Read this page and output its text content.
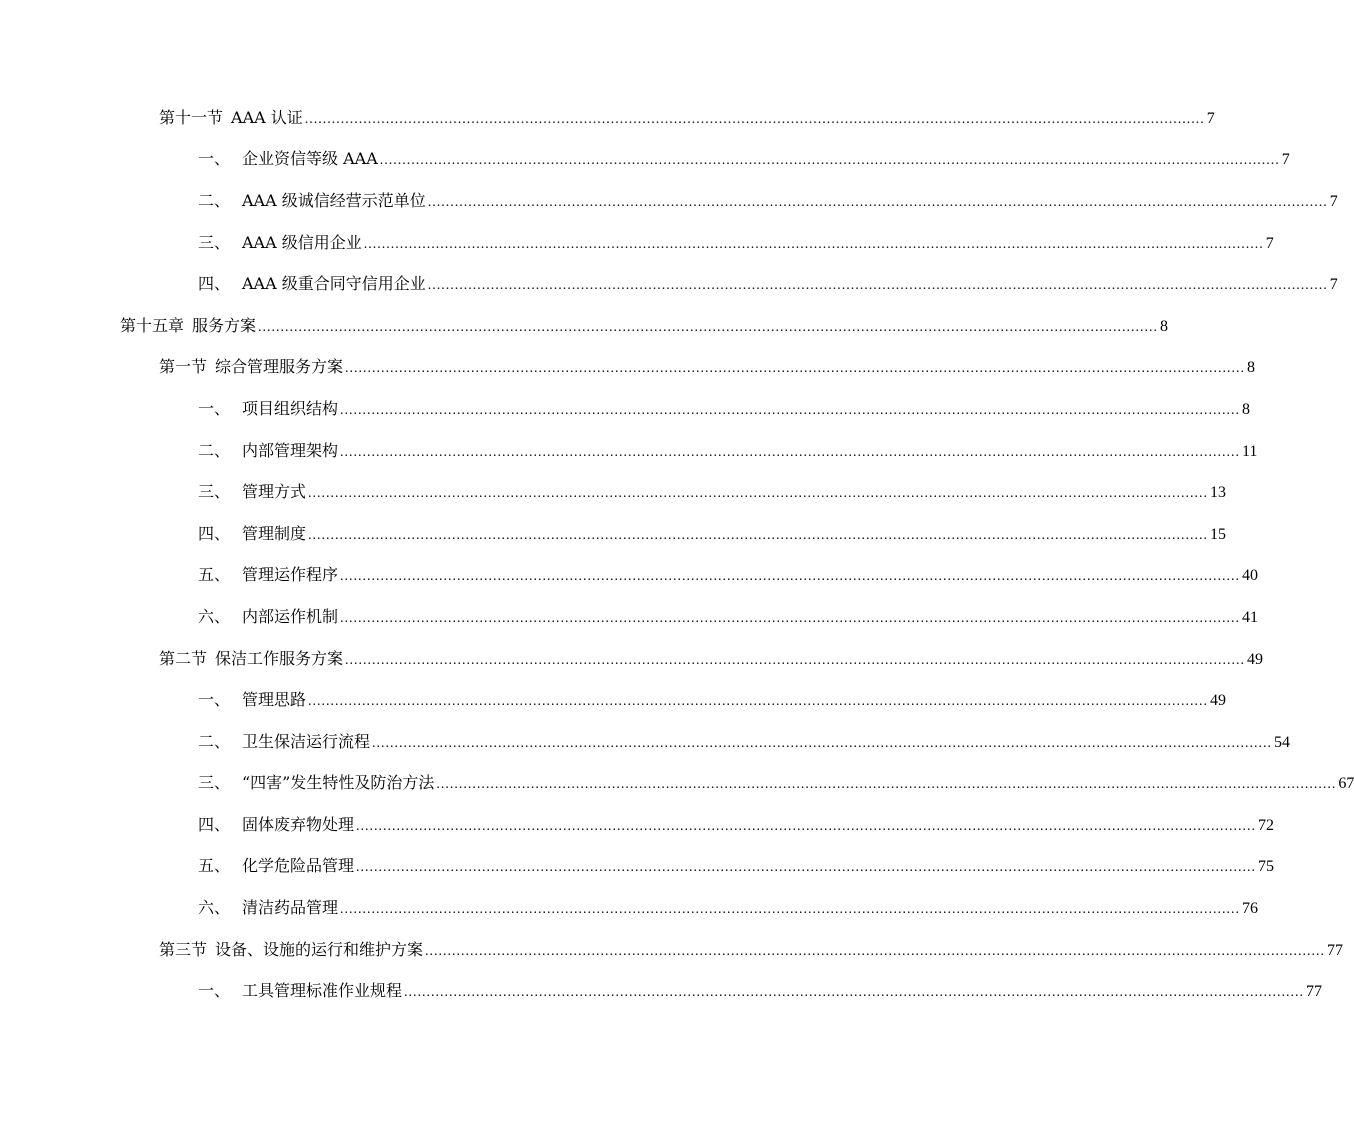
第十一节 AAA 认证 ........................................................................................................................................................................................................ 7
一、 企业资信等级 AAA ........................................................................................................................................................................................................ 7
二、 AAA 级诚信经营示范单位 ........................................................................................................................................................................................................ 7
三、 AAA 级信用企业 ........................................................................................................................................................................................................ 7
四、 AAA 级重合同守信用企业 ........................................................................................................................................................................................................ 7
第十五章 服务方案 ........................................................................................................................................................................................................ 8
第一节 综合管理服务方案 ........................................................................................................................................................................................................ 8
一、 项目组织结构 ........................................................................................................................................................................................................ 8
二、 内部管理架构 ........................................................................................................................................................................................................ 11
三、 管理方式 ........................................................................................................................................................................................................ 13
四、 管理制度 ........................................................................................................................................................................................................ 15
五、 管理运作程序 ........................................................................................................................................................................................................ 40
六、 内部运作机制 ........................................................................................................................................................................................................ 41
第二节 保洁工作服务方案 ........................................................................................................................................................................................................ 49
一、 管理思路 ........................................................................................................................................................................................................ 49
二、 卫生保洁运行流程 ........................................................................................................................................................................................................ 54
三、 “四害”发生特性及防治方法 ........................................................................................................................................................................................................ 67
四、 固体废弃物处理 ........................................................................................................................................................................................................ 72
五、 化学危险品管理 ........................................................................................................................................................................................................ 75
六、 清洁药品管理 ........................................................................................................................................................................................................ 76
第三节 设备、设施的运行和维护方案 ........................................................................................................................................................................................................ 77
一、 工具管理标准作业规程 ........................................................................................................................................................................................................ 77
